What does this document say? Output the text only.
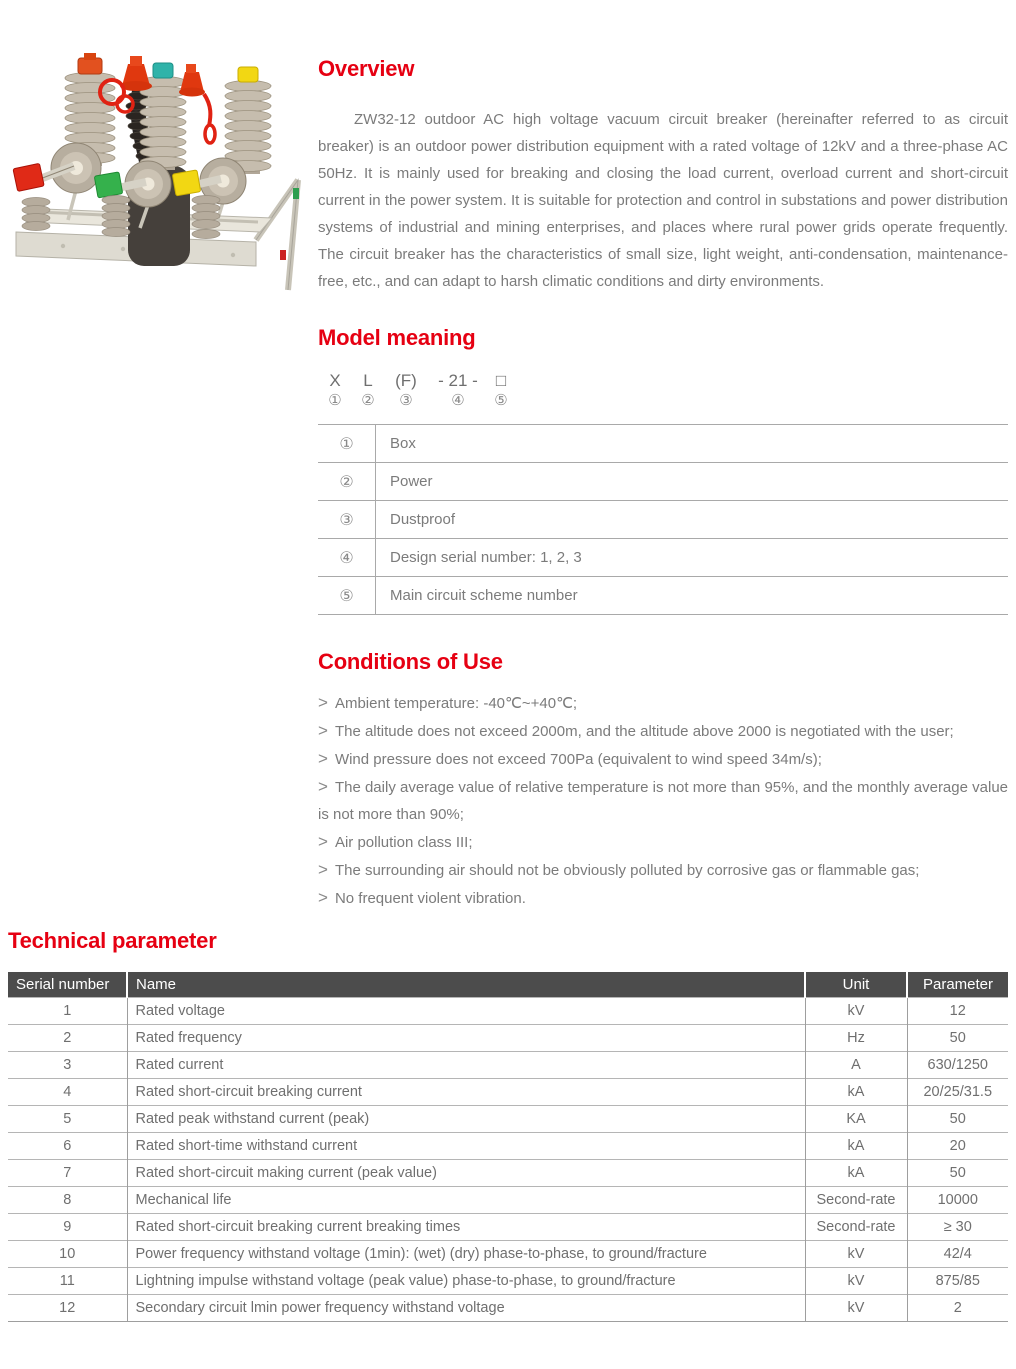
Overview

ZW32-12 outdoor AC high voltage vacuum circuit breaker (hereinafter referred to as circuit breaker) is an outdoor power distribution equipment with a rated voltage of 12kV and a three-phase AC 50Hz. It is mainly used for breaking and closing the load current, overload current and short-circuit current in the power system. It is suitable for protection and control in substations and power distribution systems of industrial and mining enterprises, and places where rural power grids operate frequently. The circuit breaker has the characteristics of small size, light weight, anti-condensation, maintenance-free, etc., and can adapt to harsh climatic conditions and dirty environments.

Model meaning
X L (F) - 21 - □
① ② ③	④ ⑤
①	Box
②	Power
③	Dustproof
④	Design serial number: 1, 2, 3
⑤	Main circuit scheme number
Conditions of Use
> Ambient temperature: -40℃~+40℃;
> The altitude does not exceed 2000m, and the altitude above 2000 is negotiated with the user;
> Wind pressure does not exceed 700Pa (equivalent to wind speed 34m/s);
> The daily average value of relative temperature is not more than 95%, and the monthly average value is not more than 90%;
> Air pollution class III;
> The surrounding air should not be obviously polluted by corrosive gas or flammable gas;
> No frequent violent vibration.
Technical parameter
Serial number	Name	Unit	Parameter
1	Rated voltage	kV	12
2	Rated frequency	Hz	50
3	Rated current	A	630/1250
4	Rated short-circuit breaking current	kA	20/25/31.5
5	Rated peak withstand current (peak)	KA	50
6	Rated short-time withstand current	kA	20
7	Rated short-circuit making current (peak value)	kA	50
8	Mechanical life	Second-rate	10000
9	Rated short-circuit breaking current breaking times	Second-rate	≥ 30
10	Power frequency withstand voltage (1min): (wet) (dry) phase-to-phase, to ground/fracture	kV	42/4
11	Lightning impulse withstand voltage (peak value) phase-to-phase, to ground/fracture	kV	875/85
12	Secondary circuit lmin power frequency withstand voltage	kV	2
